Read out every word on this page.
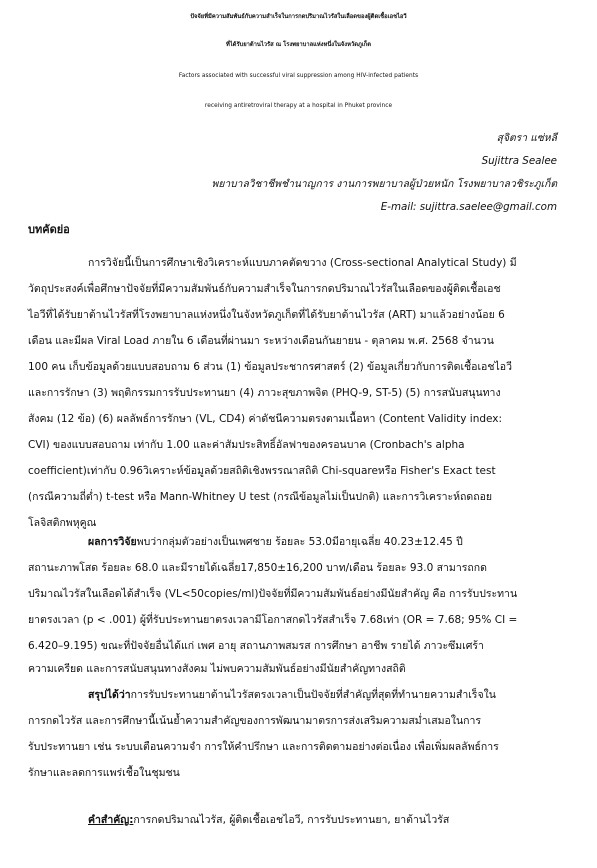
ปัจจัยที่มีความสัมพันธ์กับความสำเร็จในการกดปริมาณไวรัสในเลือดของผู้ติดเชื้อเอชไอวี

ที่ได้รับยาต้านไวรัส ณ โรงพยาบาลแห่งหนึ่งในจังหวัดภูเก็ต

Factors associated with successful viral suppression among HIV-infected patients

receiving antiretroviral therapy at a hospital in Phuket province

สุจิตรา แซ่หลี

Sujittra Sealee

พยาบาลวิชาชีพชำนาญการ งานการพยาบาลผู้ป่วยหนัก โรงพยาบาลวชิระภูเก็ต

E-mail: sujittra.saelee@gmail.com

บทคัดย่อ

การวิจัยนี้เป็นการศึกษาเชิงวิเคราะห์แบบภาคตัดขวาง (Cross-sectional Analytical Study) มี

วัตถุประสงค์เพื่อศึกษาปัจจัยที่มีความสัมพันธ์กับความสำเร็จในการกดปริมาณไวรัสในเลือดของผู้ติดเชื้อเอช

ไอวีที่ได้รับยาต้านไวรัสที่โรงพยาบาลแห่งหนึ่งในจังหวัดภูเก็ตที่ได้รับยาต้านไวรัส (ART) มาแล้วอย่างน้อย 6

เดือน และมีผล Viral Load ภายใน 6 เดือนที่ผ่านมา ระหว่างเดือนกันยายน - ตุลาคม พ.ศ. 2568 จำนวน

100 คน เก็บข้อมูลด้วยแบบสอบถาม 6 ส่วน (1) ข้อมูลประชากรศาสตร์ (2) ข้อมูลเกี่ยวกับการติดเชื้อเอชไอวี

และการรักษา (3) พฤติกรรมการรับประทานยา (4) ภาวะสุขภาพจิต (PHQ-9, ST-5) (5) การสนับสนุนทาง

สังคม (12 ข้อ) (6) ผลลัพธ์การรักษา (VL, CD4) ค่าดัชนีความตรงตามเนื้อหา (Content Validity index:

CVI) ของแบบสอบถาม เท่ากับ 1.00 และค่าสัมประสิทธิ์อัลฟาของครอนบาค (Cronbach's alpha

coefficient)เท่ากับ 0.96วิเคราะห์ข้อมูลด้วยสถิติเชิงพรรณาสถิติ Chi-squareหรือ Fisher's Exact test

(กรณีความถี่ต่ำ) t-test หรือ Mann-Whitney U test (กรณีข้อมูลไม่เป็นปกติ) และการวิเคราะห์ถดถอย

โลจิสติกพหุคูณ

ผลการวิจัยพบว่ากลุ่มตัวอย่างเป็นเพศชาย ร้อยละ 53.0มีอายุเฉลี่ย 40.23±12.45 ปี

สถานะภาพโสด ร้อยละ 68.0 และมีรายได้เฉลี่ย17,850±16,200 บาท/เดือน ร้อยละ 93.0 สามารถกด

ปริมาณไวรัสในเลือดได้สำเร็จ (VL<50copies/ml)ปัจจัยที่มีความสัมพันธ์อย่างมีนัยสำคัญ คือ การรับประทาน

ยาตรงเวลา (p < .001) ผู้ที่รับประทานยาตรงเวลามีโอกาสกดไวรัสสำเร็จ 7.68เท่า (OR = 7.68; 95% CI =

6.420–9.195) ขณะที่ปัจจัยอื่นได้แก่ เพศ อายุ สถานภาพสมรส การศึกษา อาชีพ รายได้ ภาวะซึมเศร้า

ความเครียด และการสนับสนุนทางสังคม ไม่พบความสัมพันธ์อย่างมีนัยสำคัญทางสถิติ

สรุปได้ว่าการรับประทานยาต้านไวรัสตรงเวลาเป็นปัจจัยที่สำคัญที่สุดที่ทำนายความสำเร็จใน

การกดไวรัส และการศึกษานี้เน้นย้ำความสำคัญของการพัฒนามาตรการส่งเสริมความสม่ำเสมอในการ

รับประทานยา เช่น ระบบเตือนความจำ การให้คำปรึกษา และการติดตามอย่างต่อเนื่อง เพื่อเพิ่มผลลัพธ์การ

รักษาและลดการแพร่เชื้อในชุมชน

คำสำคัญ:การกดปริมาณไวรัส, ผู้ติดเชื้อเอชไอวี, การรับประทานยา, ยาต้านไวรัส
